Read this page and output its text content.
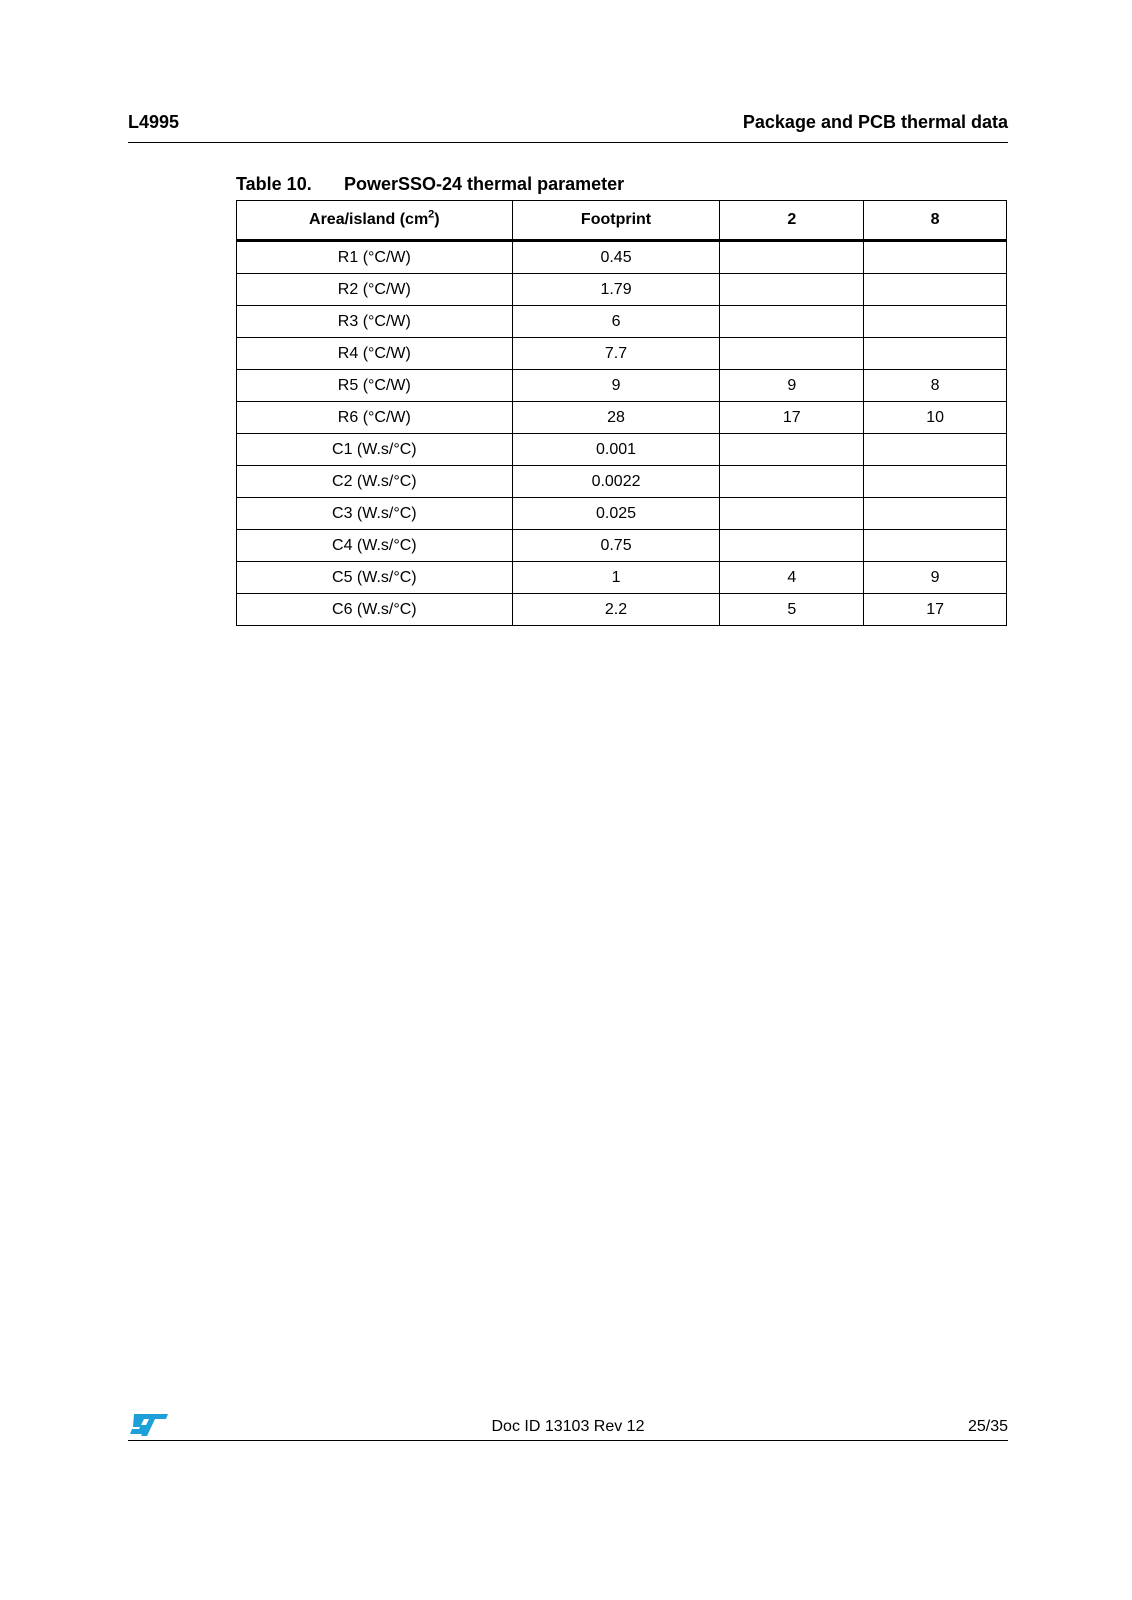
L4995	Package and PCB thermal data
Table 10. PowerSSO-24 thermal parameter
Area/island $(cm^2)$	Footprint	2	8
R1 (°C/W)	0.45		
R2 (°C/W)	1.79		
R3 (°C/W)	6		
R4 (°C/W)	7.7		
R5 (°C/W)	9	9	8
R6 (°C/W)	28	17	10
C1 (W.s/°C)	0.001		
C2 (W.s/°C)	0.0022		
C3 (W.s/°C)	0.025		
C4 (W.s/°C)	0.75		
C5 (W.s/°C)	1	4	9
C6 (W.s/°C)	2.2	5	17
Doc ID 13103 Rev 12	25/35
